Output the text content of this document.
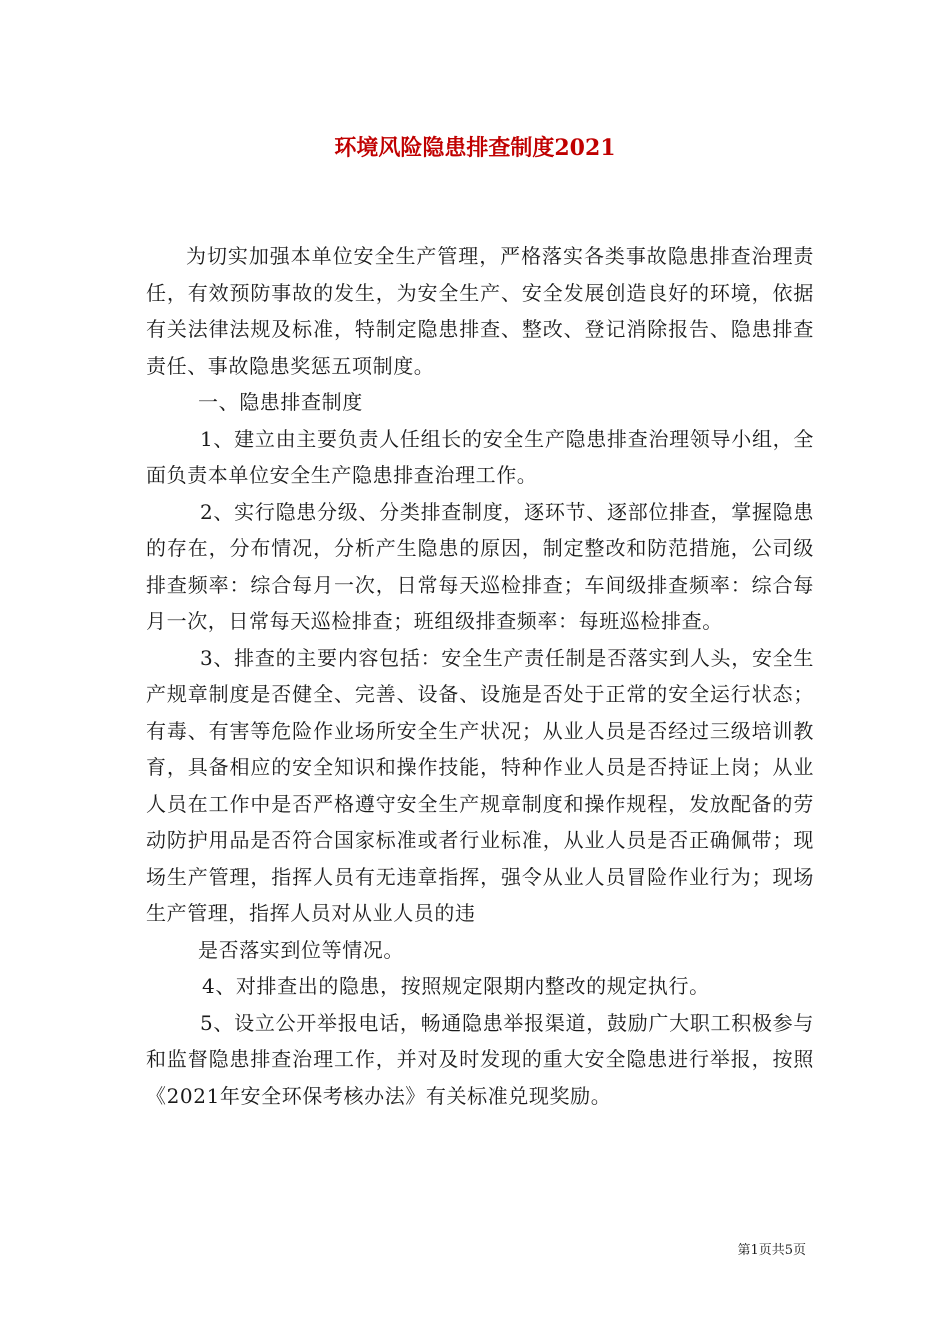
环境风险隐患排查制度2021

为切实加强本单位安全生产管理，严格落实各类事故隐患排查治理责任，有效预防事故的发生，为安全生产、安全发展创造良好的环境，依据有关法律法规及标准，特制定隐患排查、整改、登记消除报告、隐患排查责任、事故隐患奖惩五项制度。

一、隐患排查制度

1、建立由主要负责人任组长的安全生产隐患排查治理领导小组，全面负责本单位安全生产隐患排查治理工作。

2、实行隐患分级、分类排查制度，逐环节、逐部位排查，掌握隐患的存在，分布情况，分析产生隐患的原因，制定整改和防范措施，公司级排查频率：综合每月一次，日常每天巡检排查；车间级排查频率：综合每月一次，日常每天巡检排查；班组级排查频率：每班巡检排查。

3、排查的主要内容包括：安全生产责任制是否落实到人头，安全生产规章制度是否健全、完善、设备、设施是否处于正常的安全运行状态；有毒、有害等危险作业场所安全生产状况；从业人员是否经过三级培训教育，具备相应的安全知识和操作技能，特种作业人员是否持证上岗；从业人员在工作中是否严格遵守安全生产规章制度和操作规程，发放配备的劳动防护用品是否符合国家标准或者行业标准，从业人员是否正确佩带；现场生产管理，指挥人员有无违章指挥，强令从业人员冒险作业行为；现场生产管理，指挥人员对从业人员的违

是否落实到位等情况。

4、对排查出的隐患，按照规定限期内整改的规定执行。

5、设立公开举报电话，畅通隐患举报渠道，鼓励广大职工积极参与和监督隐患排查治理工作，并对及时发现的重大安全隐患进行举报，按照《2021年安全环保考核办法》有关标准兑现奖励。

第1页共5页
